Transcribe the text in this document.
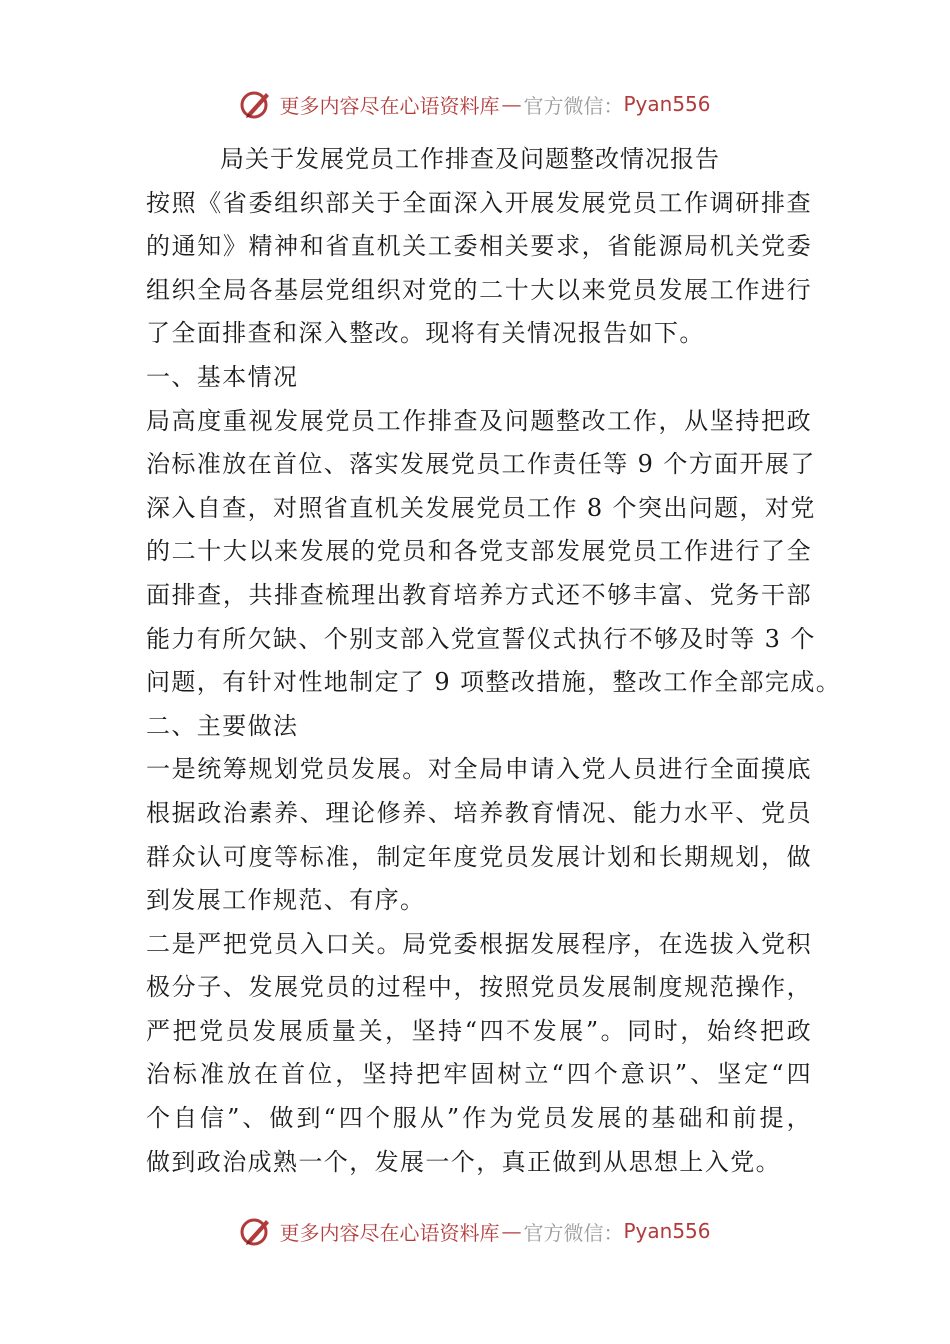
更多内容尽在心语资料库 — 官方微信： Pyan556
局关于发展党员工作排查及问题整改情况报告
按照《省委组织部关于全面深入开展发展党员工作调研排查
的通知》精神和省直机关工委相关要求，省能源局机关党委
组织全局各基层党组织对党的二十大以来党员发展工作进行
了全面排查和深入整改。现将有关情况报告如下。
一、基本情况
局高度重视发展党员工作排查及问题整改工作，从坚持把政
治标准放在首位、落实发展党员工作责任等 9 个方面开展了
深入自查，对照省直机关发展党员工作 8 个突出问题，对党
的二十大以来发展的党员和各党支部发展党员工作进行了全
面排查，共排查梳理出教育培养方式还不够丰富、党务干部
能力有所欠缺、个别支部入党宣誓仪式执行不够及时等 3 个
问题，有针对性地制定了 9 项整改措施，整改工作全部完成。
二、主要做法
一是统筹规划党员发展。对全局申请入党人员进行全面摸底
根据政治素养、理论修养、培养教育情况、能力水平、党员
群众认可度等标准，制定年度党员发展计划和长期规划，做
到发展工作规范、有序。
二是严把党员入口关。局党委根据发展程序，在选拔入党积
极分子、发展党员的过程中，按照党员发展制度规范操作，
严把党员发展质量关，坚持“四不发展”。同时，始终把政
治标准放在首位，坚持把牢固树立“四个意识”、坚定“四
个自信”、做到“四个服从”作为党员发展的基础和前提，
做到政治成熟一个，发展一个，真正做到从思想上入党。
更多内容尽在心语资料库 — 官方微信： Pyan556
